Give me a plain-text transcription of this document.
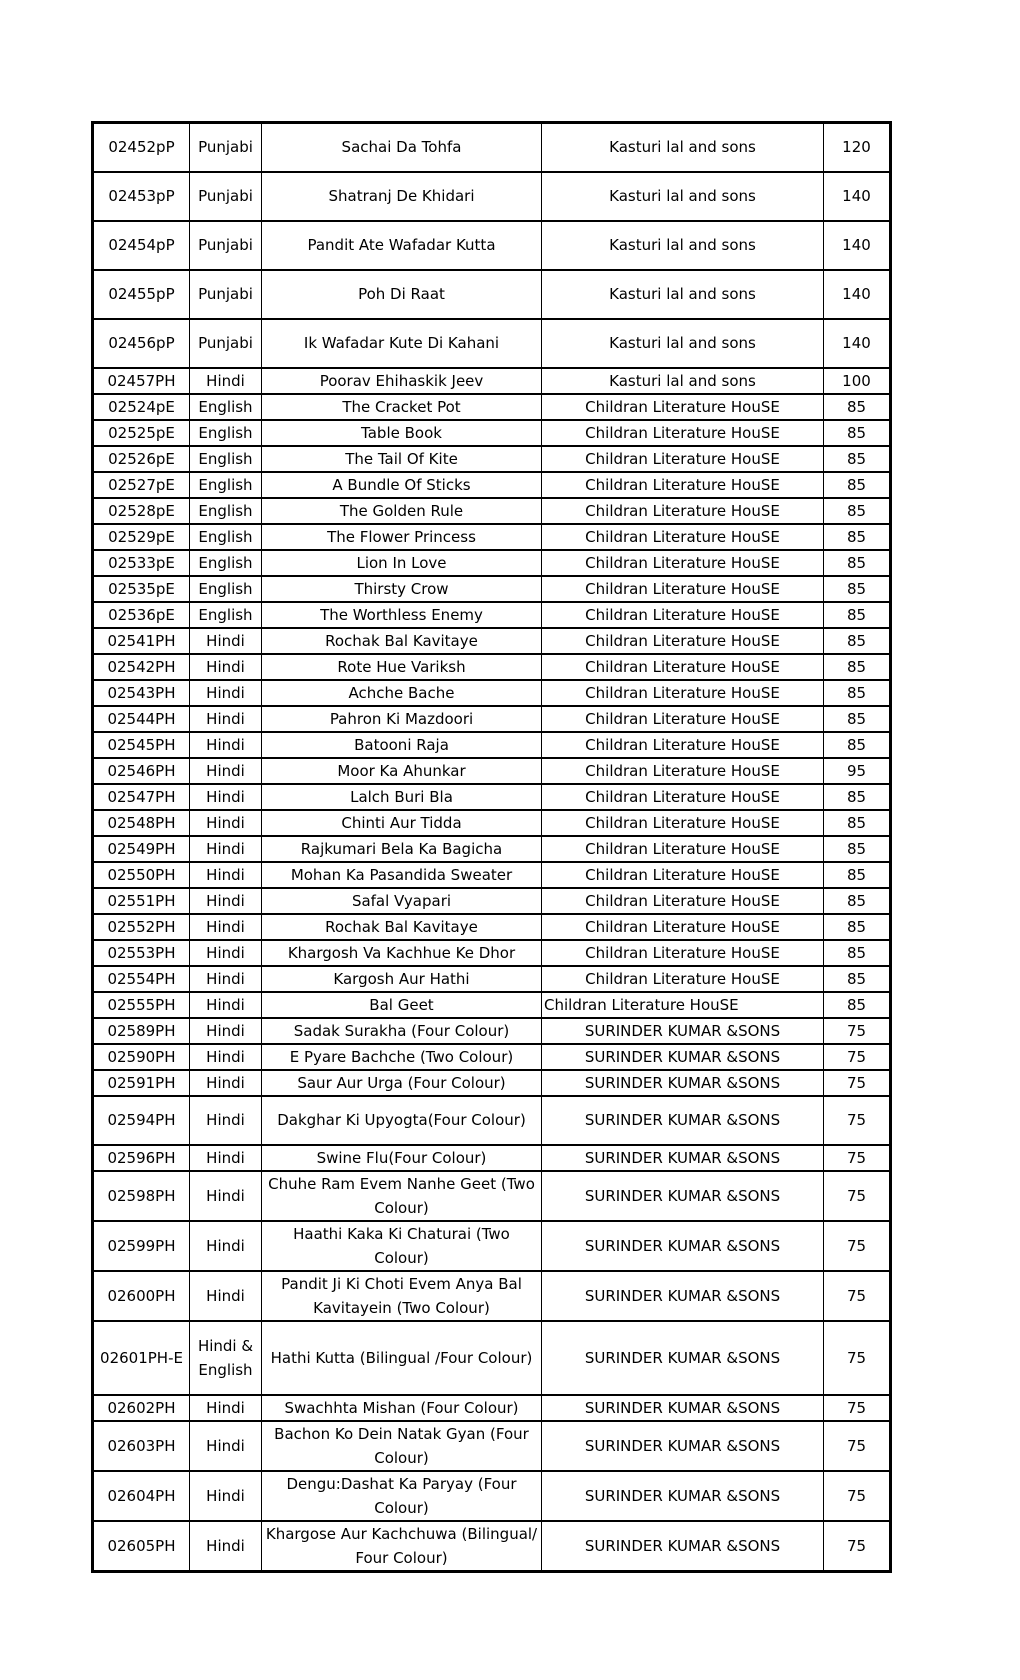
02452pP	Punjabi	Sachai Da Tohfa	Kasturi lal and sons	120
02453pP	Punjabi	Shatranj De Khidari	Kasturi lal and sons	140
02454pP	Punjabi	Pandit Ate Wafadar Kutta	Kasturi lal and sons	140
02455pP	Punjabi	Poh Di Raat	Kasturi lal and sons	140
02456pP	Punjabi	Ik Wafadar Kute Di Kahani	Kasturi lal and sons	140
02457PH	Hindi	Poorav Ehihaskik Jeev	Kasturi lal and sons	100
02524pE	English	The Cracket Pot	Childran Literature HouSE	85
02525pE	English	Table Book	Childran Literature HouSE	85
02526pE	English	The Tail Of Kite	Childran Literature HouSE	85
02527pE	English	A Bundle Of Sticks	Childran Literature HouSE	85
02528pE	English	The Golden Rule	Childran Literature HouSE	85
02529pE	English	The Flower Princess	Childran Literature HouSE	85
02533pE	English	Lion In Love	Childran Literature HouSE	85
02535pE	English	Thirsty Crow	Childran Literature HouSE	85
02536pE	English	The Worthless Enemy	Childran Literature HouSE	85
02541PH	Hindi	Rochak Bal Kavitaye	Childran Literature HouSE	85
02542PH	Hindi	Rote Hue Variksh	Childran Literature HouSE	85
02543PH	Hindi	Achche Bache	Childran Literature HouSE	85
02544PH	Hindi	Pahron Ki Mazdoori	Childran Literature HouSE	85
02545PH	Hindi	Batooni Raja	Childran Literature HouSE	85
02546PH	Hindi	Moor Ka Ahunkar	Childran Literature HouSE	95
02547PH	Hindi	Lalch Buri Bla	Childran Literature HouSE	85
02548PH	Hindi	Chinti Aur Tidda	Childran Literature HouSE	85
02549PH	Hindi	Rajkumari Bela Ka Bagicha	Childran Literature HouSE	85
02550PH	Hindi	Mohan Ka Pasandida Sweater	Childran Literature HouSE	85
02551PH	Hindi	Safal Vyapari	Childran Literature HouSE	85
02552PH	Hindi	Rochak Bal Kavitaye	Childran Literature HouSE	85
02553PH	Hindi	Khargosh Va Kachhue Ke Dhor	Childran Literature HouSE	85
02554PH	Hindi	Kargosh Aur Hathi	Childran Literature HouSE	85
02555PH	Hindi	Bal Geet	Childran Literature HouSE	85
02589PH	Hindi	Sadak Surakha (Four Colour)	SURINDER KUMAR &SONS	75
02590PH	Hindi	E Pyare Bachche (Two Colour)	SURINDER KUMAR &SONS	75
02591PH	Hindi	Saur Aur Urga (Four Colour)	SURINDER KUMAR &SONS	75
02594PH	Hindi	Dakghar Ki Upyogta(Four Colour)	SURINDER KUMAR &SONS	75
02596PH	Hindi	Swine Flu(Four Colour)	SURINDER KUMAR &SONS	75
02598PH	Hindi	Chuhe Ram Evem Nanhe Geet (Two Colour)	SURINDER KUMAR &SONS	75
02599PH	Hindi	Haathi Kaka Ki Chaturai (Two Colour)	SURINDER KUMAR &SONS	75
02600PH	Hindi	Pandit Ji Ki Choti Evem Anya Bal Kavitayein (Two Colour)	SURINDER KUMAR &SONS	75
02601PH-E	Hindi & English	Hathi Kutta (Bilingual /Four Colour)	SURINDER KUMAR &SONS	75
02602PH	Hindi	Swachhta Mishan (Four Colour)	SURINDER KUMAR &SONS	75
02603PH	Hindi	Bachon Ko Dein Natak Gyan (Four Colour)	SURINDER KUMAR &SONS	75
02604PH	Hindi	Dengu:Dashat Ka Paryay (Four Colour)	SURINDER KUMAR &SONS	75
02605PH	Hindi	Khargose Aur Kachchuwa (Bilingual/ Four Colour)	SURINDER KUMAR &SONS	75
